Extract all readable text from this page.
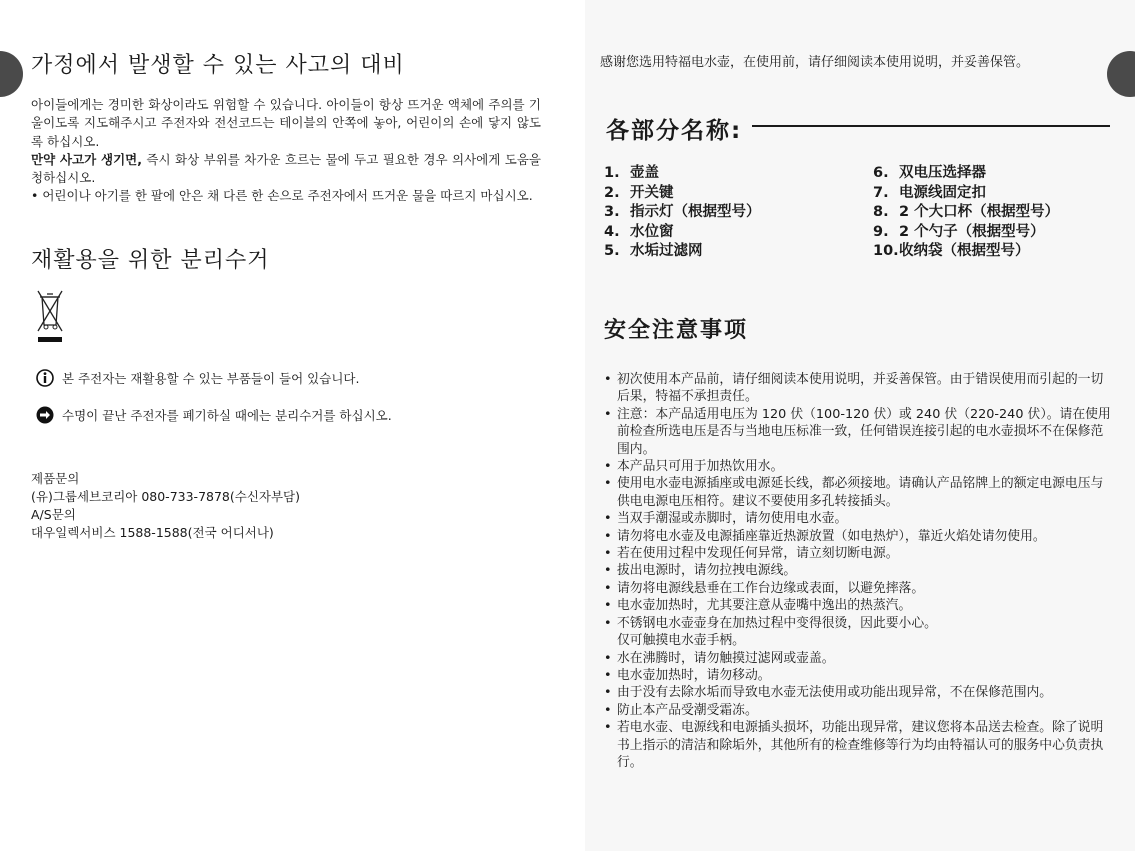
가정에서 발생할 수 있는 사고의 대비

아이들에게는 경미한 화상이라도 위험할 수 있습니다. 아이들이 항상 뜨거운 액체에 주의를 기울이도록 지도해주시고 주전자와 전선코드는 테이블의 안쪽에 놓아, 어린이의 손에 닿지 않도록 하십시오.

만약 사고가 생기면, 즉시 화상 부위를 차가운 흐르는 물에 두고 필요한 경우 의사에게 도움을 청하십시오.

• 어린이나 아기를 한 팔에 안은 채 다른 한 손으로 주전자에서 뜨거운 물을 따르지 마십시오.

재활용을 위한 분리수거
본 주전자는 재활용할 수 있는 부품들이 들어 있습니다.
수명이 끝난 주전자를 폐기하실 때에는 분리수거를 하십시오.
제품문의
(유)그룹세브코리아 080-733-7878(수신자부담)
A/S문의
대우일렉서비스 1588-1588(전국 어디서나)
感谢您选用特福电水壶，在使用前，请仔细阅读本使用说明，并妥善保管。
各部分名称:
1. 壶盖
2. 开关键
3. 指示灯（根据型号）
4. 水位窗
5. 水垢过滤网
6. 双电压选择器
7. 电源线固定扣
8. 2 个大口杯（根据型号）
9. 2 个勺子（根据型号）
10.收纳袋（根据型号）
安全注意事项
• 初次使用本产品前，请仔细阅读本使用说明，并妥善保管。由于错误使用而引起的一切后果，特福不承担责任。
• 注意：本产品适用电压为 120 伏（100-120 伏）或 240 伏（220-240 伏）。请在使用前检查所选电压是否与当地电压标准一致，任何错误连接引起的电水壶损坏不在保修范围内。
• 本产品只可用于加热饮用水。
• 使用电水壶电源插座或电源延长线，都必须接地。请确认产品铭牌上的额定电源电压与供电电源电压相符。建议不要使用多孔转接插头。
• 当双手潮湿或赤脚时，请勿使用电水壶。
• 请勿将电水壶及电源插座靠近热源放置（如电热炉），靠近火焰处请勿使用。
• 若在使用过程中发现任何异常，请立刻切断电源。
• 拔出电源时，请勿拉拽电源线。
• 请勿将电源线悬垂在工作台边缘或表面，以避免摔落。
• 电水壶加热时，尤其要注意从壶嘴中逸出的热蒸汽。
• 不锈钢电水壶壶身在加热过程中变得很烫，因此要小心。
仅可触摸电水壶手柄。
• 水在沸腾时，请勿触摸过滤网或壶盖。
• 电水壶加热时，请勿移动。
• 由于没有去除水垢而导致电水壶无法使用或功能出现异常，不在保修范围内。
• 防止本产品受潮受霜冻。
• 若电水壶、电源线和电源插头损坏，功能出现异常，建议您将本品送去检查。除了说明书上指示的清洁和除垢外，其他所有的检查维修等行为均由特福认可的服务中心负责执行。
